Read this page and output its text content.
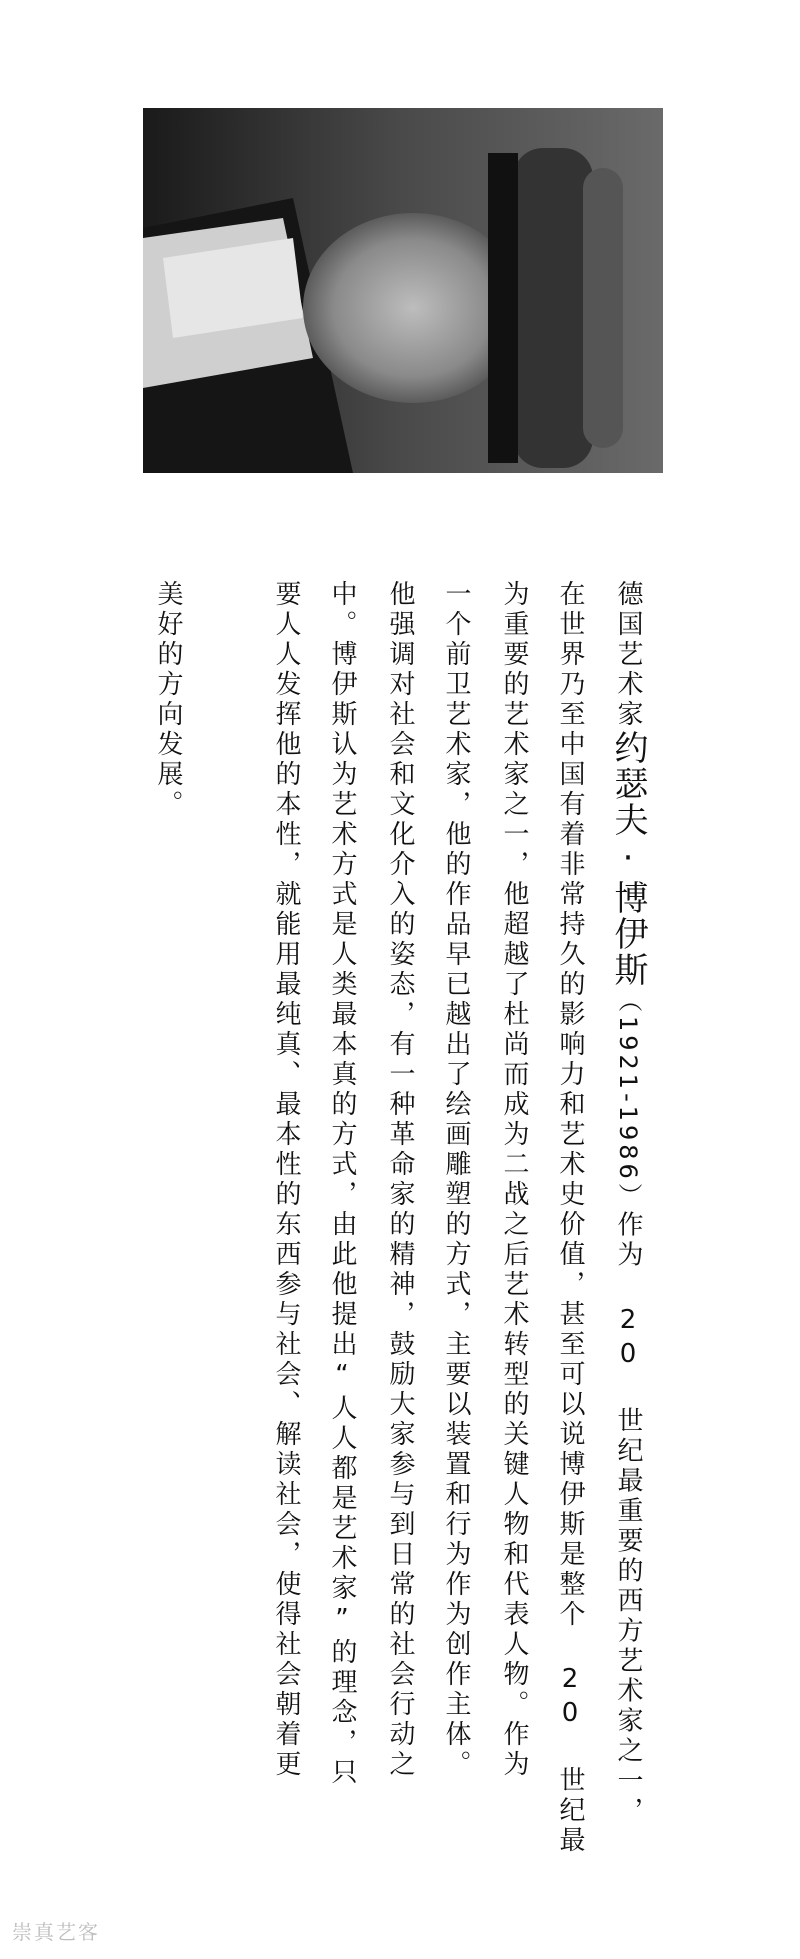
德国艺术家约瑟夫·博伊斯（1921-1986）作为 20 世纪最重要的西方艺术家之一，
在世界乃至中国有着非常持久的影响力和艺术史价值，甚至可以说博伊斯是整个 20 世纪最
为重要的艺术家之一，他超越了杜尚而成为二战之后艺术转型的关键人物和代表人物。作为
一个前卫艺术家，他的作品早已越出了绘画雕塑的方式，主要以装置和行为作为创作主体。
他强调对社会和文化介入的姿态，有一种革命家的精神，鼓励大家参与到日常的社会行动之
中。博伊斯认为艺术方式是人类最本真的方式，由此他提出“人人都是艺术家”的理念，只
要人人发挥他的本性，就能用最纯真、最本性的东西参与社会、解读社会，使得社会朝着更
美好的方向发展。
崇真艺客
